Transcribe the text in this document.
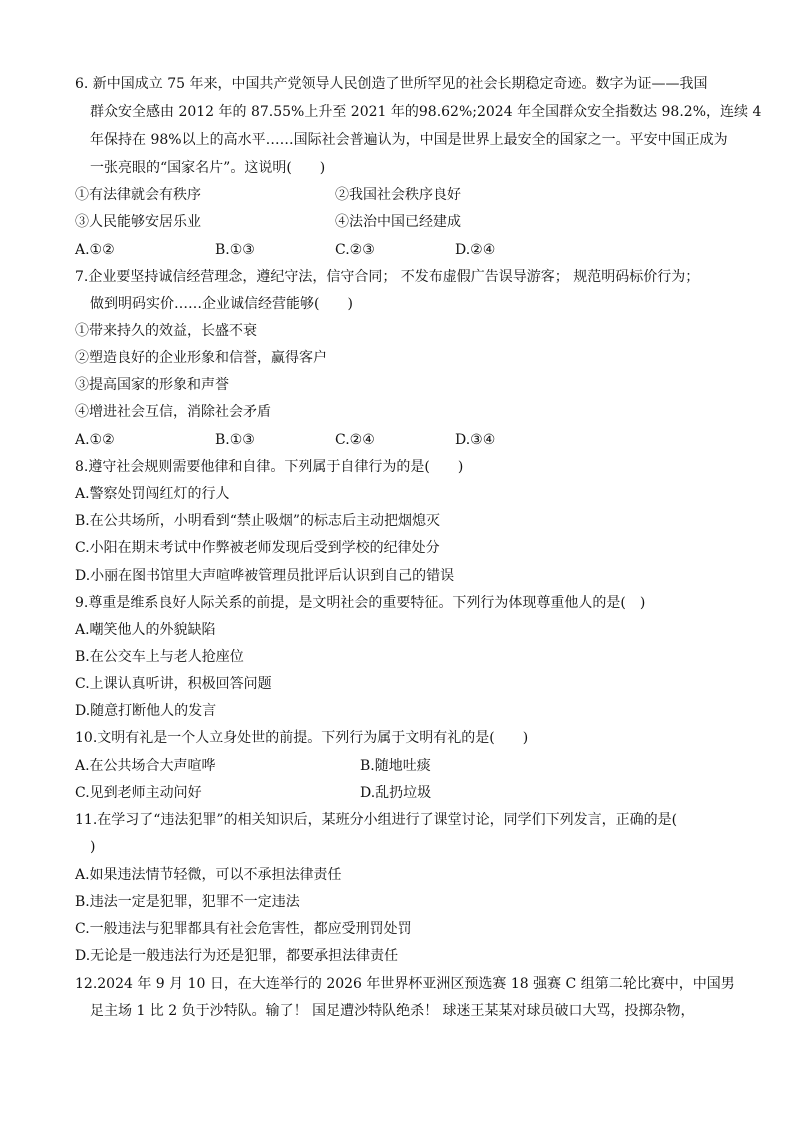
6. 新中国成立 75 年来，中国共产党领导人民创造了世所罕见的社会长期稳定奇迹。数字为证——我国
群众安全感由 2012 年的 87.55%上升至 2021 年的98.62%;2024 年全国群众安全指数达 98.2%，连续 4
年保持在 98%以上的高水平……国际社会普遍认为，中国是世界上最安全的国家之一。平安中国正成为
一张亮眼的“国家名片”。这说明(　　)
①有法律就会有秩序	②我国社会秩序良好
③人民能够安居乐业	④法治中国已经建成
A.①②	B.①③	C.②③	D.②④
7.企业要坚持诚信经营理念，遵纪守法，信守合同； 不发布虚假广告误导游客； 规范明码标价行为；
做到明码实价……企业诚信经营能够(　　)
①带来持久的效益，长盛不衰
②塑造良好的企业形象和信誉，赢得客户
③提高国家的形象和声誉
④增进社会互信，消除社会矛盾
A.①②	B.①③	C.②④	D.③④
8.遵守社会规则需要他律和自律。下列属于自律行为的是(　　)
A.警察处罚闯红灯的行人
B.在公共场所，小明看到“禁止吸烟”的标志后主动把烟熄灭
C.小阳在期末考试中作弊被老师发现后受到学校的纪律处分
D.小丽在图书馆里大声喧哗被管理员批评后认识到自己的错误
9.尊重是维系良好人际关系的前提，是文明社会的重要特征。下列行为体现尊重他人的是(　)
A.嘲笑他人的外貌缺陷
B.在公交车上与老人抢座位
C.上课认真听讲，积极回答问题
D.随意打断他人的发言
10.文明有礼是一个人立身处世的前提。下列行为属于文明有礼的是(　　)
A.在公共场合大声喧哗	B.随地吐痰
C.见到老师主动问好	D.乱扔垃圾
11.在学习了“违法犯罪”的相关知识后，某班分小组进行了课堂讨论，同学们下列发言，正确的是(
)
A.如果违法情节轻微，可以不承担法律责任
B.违法一定是犯罪，犯罪不一定违法
C.一般违法与犯罪都具有社会危害性，都应受刑罚处罚
D.无论是一般违法行为还是犯罪，都要承担法律责任
12.2024 年 9 月 10 日，在大连举行的 2026 年世界杯亚洲区预选赛 18 强赛 C 组第二轮比赛中，中国男
足主场 1 比 2 负于沙特队。输了！ 国足遭沙特队绝杀！ 球迷王某某对球员破口大骂，投掷杂物，
